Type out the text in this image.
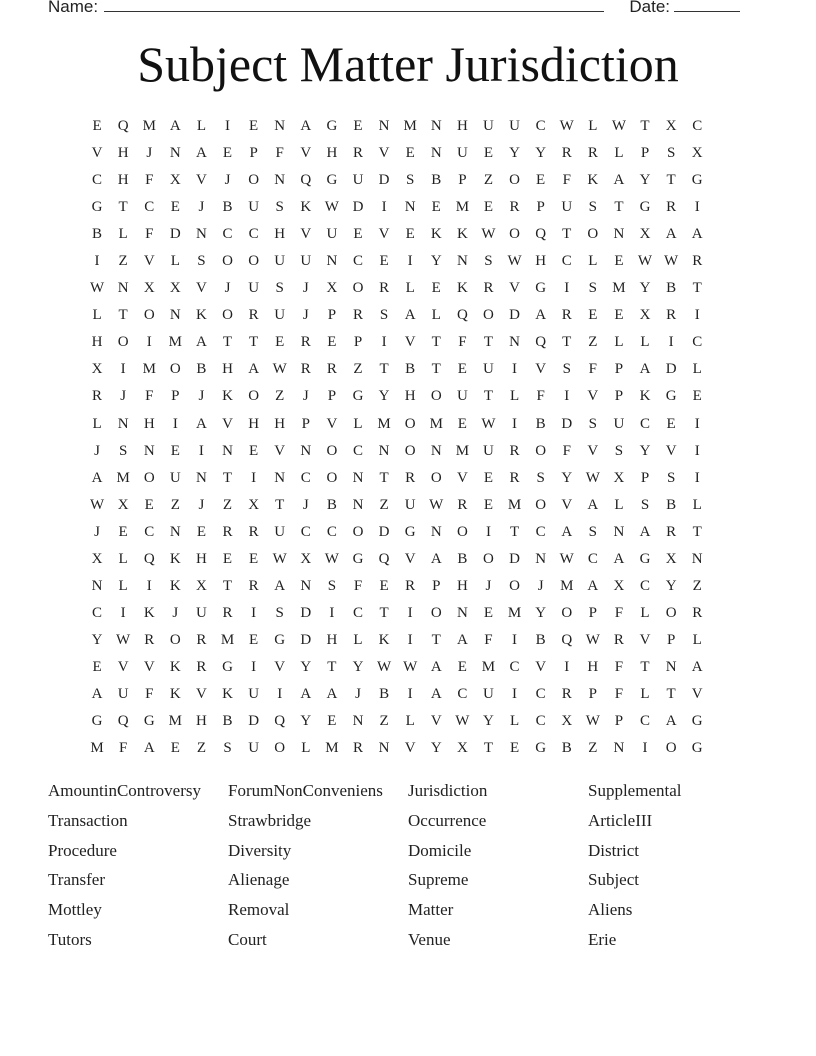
Name:	Date:
Subject Matter Jurisdiction
E	Q M A	L	I	E	N	A	G	E	N M N	H	U	U	C W L W T	X	C
V	H	J	N	A	E	P	F	V	H	R	V	E	N	U	E	Y	Y	R	R	L	P	S	X
C	H	F	X	V	J	O	N	Q	G	U	D	S	B	P	Z	O	E	F	K	A	Y	T	G
G	T	C	E	J	B	U	S	K W D	I	N	E M E	R	P	U	S	T	G	R	I
B	L	F	D	N	C	C	H	V	U	E	V	E	K	K W O	Q	T	O	N	X	A	A
I	Z	V	L	S	O	O	U	U	N	C	E	I	Y	N	S W H	C	L	E W W R
W N	X	X	V	J	U	S	J	X	O	R	L	E	K	R	V	G	I	S	M Y	B	T
L	T	O	N	K	O	R	U	J	P	R	S	A	L	Q	O	D	A	R	E	E	X	R	I
H	O	I	M A	T	T	E	R	E	P	I	V	T	F	T	N	Q	T	Z	L	L	I	C
X	I	M O	B	H	A W R	R	Z	T	B	T	E	U	I	V	S	F	P	A	D	L
R	J	F	P	J	K	O	Z	J	P	G	Y	H	O	U	T	L	F	I	V	P	K	G	E
L	N	H	I	A	V	H	H	P	V	L M O M E W	I	B	D	S	U	C	E	I
J	S	N	E	I	N	E	V	N	O	C	N	O	N M U	R	O	F	V	S	Y	V	I
A M O	U	N	T	I	N	C	O	N	T	R	O	V	E	R	S	Y W X	P	S	I
W X	E	Z	J	Z	X	T	J	B	N	Z	U W R	E M O	V	A	L	S	B	L
J	E	C	N	E	R	R	U	C	C	O	D	G	N	O	I	T	C	A	S	N	A	R	T
X	L	Q	K	H	E	E W X W G	Q	V	A	B	O	D	N W C	A	G	X	N
N	L	I	K	X	T	R	A	N	S	F	E	R	P	H	J	O	J	M A	X	C	Y	Z
C	I	K	J	U	R	I	S	D	I	C	T	I	O	N	E M Y	O	P	F	L	O	R
Y W R	O	R M E	G	D	H	L	K	I	T	A	F	I	B	Q W R	V	P	L
E	V	V	K	R	G	I	V	Y	T	Y W W A	E M C	V	I	H	F	T	N	A
A	U	F	K	V	K	U	I	A	A	J	B	I	A	C	U	I	C	R	P	F	L	T	V
G	Q	G M H	B	D	Q	Y	E	N	Z	L	V W Y	L	C	X W P	C	A	G
M	F	A	E	Z	S	U	O	L M R	N	V	Y	X	T	E	G	B	Z	N	I	O	G
AmountinControversy	ForumNonConveniens	Jurisdiction	Supplemental
Transaction	Strawbridge	Occurrence	ArticleIII
Procedure	Diversity	Domicile	District
Transfer	Alienage	Supreme	Subject
Mottley	Removal	Matter	Aliens
Tutors	Court	Venue	Erie
